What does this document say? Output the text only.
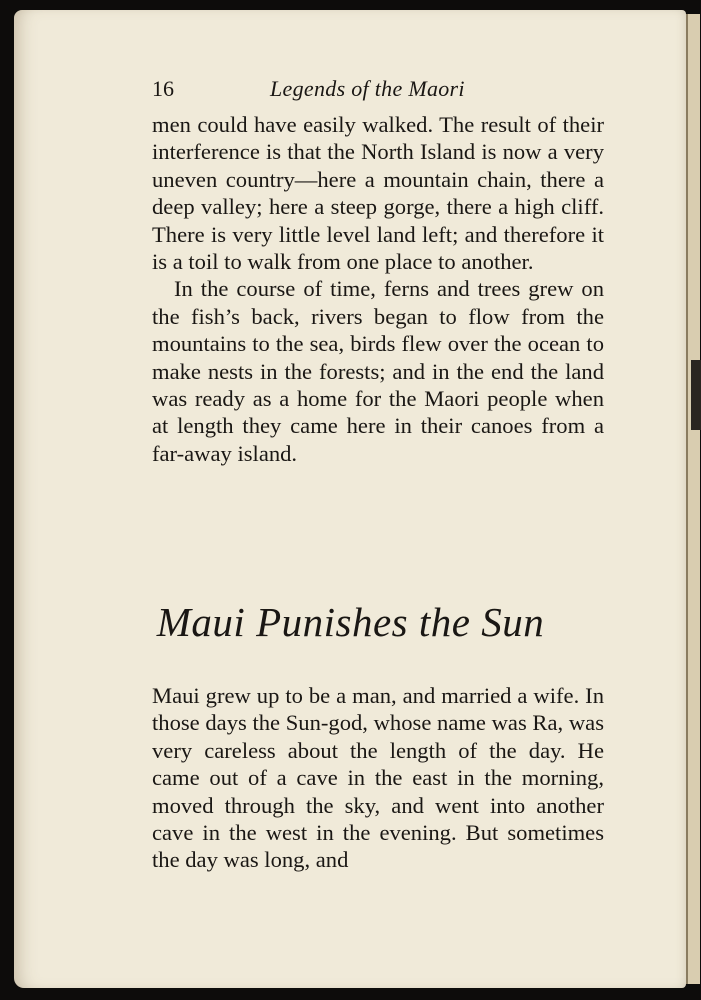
16	Legends of the Maori

men could have easily walked. The result of their interference is that the North Island is now a very uneven country—here a mountain chain, there a deep valley; here a steep gorge, there a high cliff. There is very little level land left; and therefore it is a toil to walk from one place to another.

In the course of time, ferns and trees grew on the fish’s back, rivers began to flow from the mountains to the sea, birds flew over the ocean to make nests in the forests; and in the end the land was ready as a home for the Maori people when at length they came here in their canoes from a far-away island.

Maui Punishes the Sun

Maui grew up to be a man, and married a wife. In those days the Sun-god, whose name was Ra, was very careless about the length of the day. He came out of a cave in the east in the morning, moved through the sky, and went into another cave in the west in the evening. But sometimes the day was long, and
